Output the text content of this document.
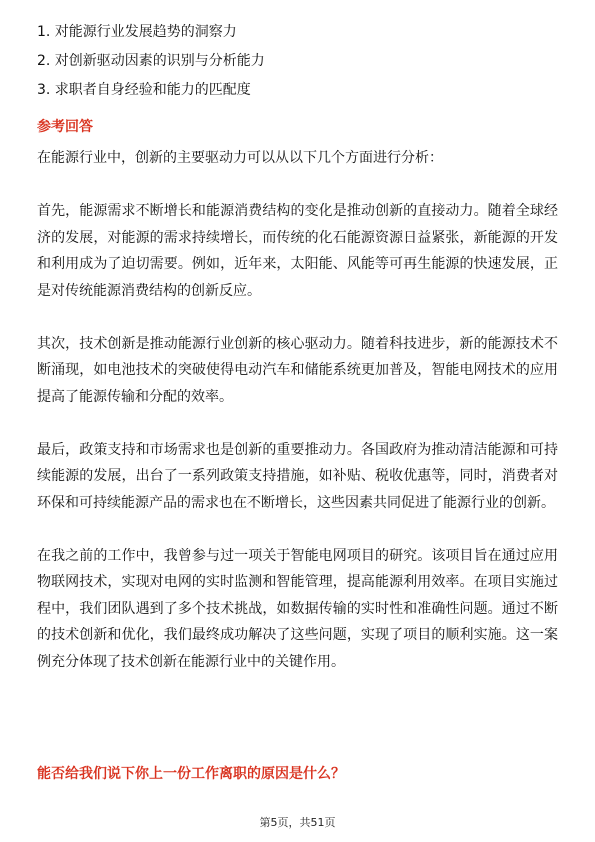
1. 对能源行业发展趋势的洞察力
2. 对创新驱动因素的识别与分析能力
3. 求职者自身经验和能力的匹配度
参考回答

在能源行业中，创新的主要驱动力可以从以下几个方面进行分析：

首先，能源需求不断增长和能源消费结构的变化是推动创新的直接动力。随着全球经济的发展，对能源的需求持续增长，而传统的化石能源资源日益紧张，新能源的开发和利用成为了迫切需要。例如，近年来，太阳能、风能等可再生能源的快速发展，正是对传统能源消费结构的创新反应。

其次，技术创新是推动能源行业创新的核心驱动力。随着科技进步，新的能源技术不断涌现，如电池技术的突破使得电动汽车和储能系统更加普及，智能电网技术的应用提高了能源传输和分配的效率。

最后，政策支持和市场需求也是创新的重要推动力。各国政府为推动清洁能源和可持续能源的发展，出台了一系列政策支持措施，如补贴、税收优惠等，同时，消费者对环保和可持续能源产品的需求也在不断增长，这些因素共同促进了能源行业的创新。

在我之前的工作中，我曾参与过一项关于智能电网项目的研究。该项目旨在通过应用物联网技术，实现对电网的实时监测和智能管理，提高能源利用效率。在项目实施过程中，我们团队遇到了多个技术挑战，如数据传输的实时性和准确性问题。通过不断的技术创新和优化，我们最终成功解决了这些问题，实现了项目的顺利实施。这一案例充分体现了技术创新在能源行业中的关键作用。

能否给我们说下你上一份工作离职的原因是什么？
第5页，共51页
